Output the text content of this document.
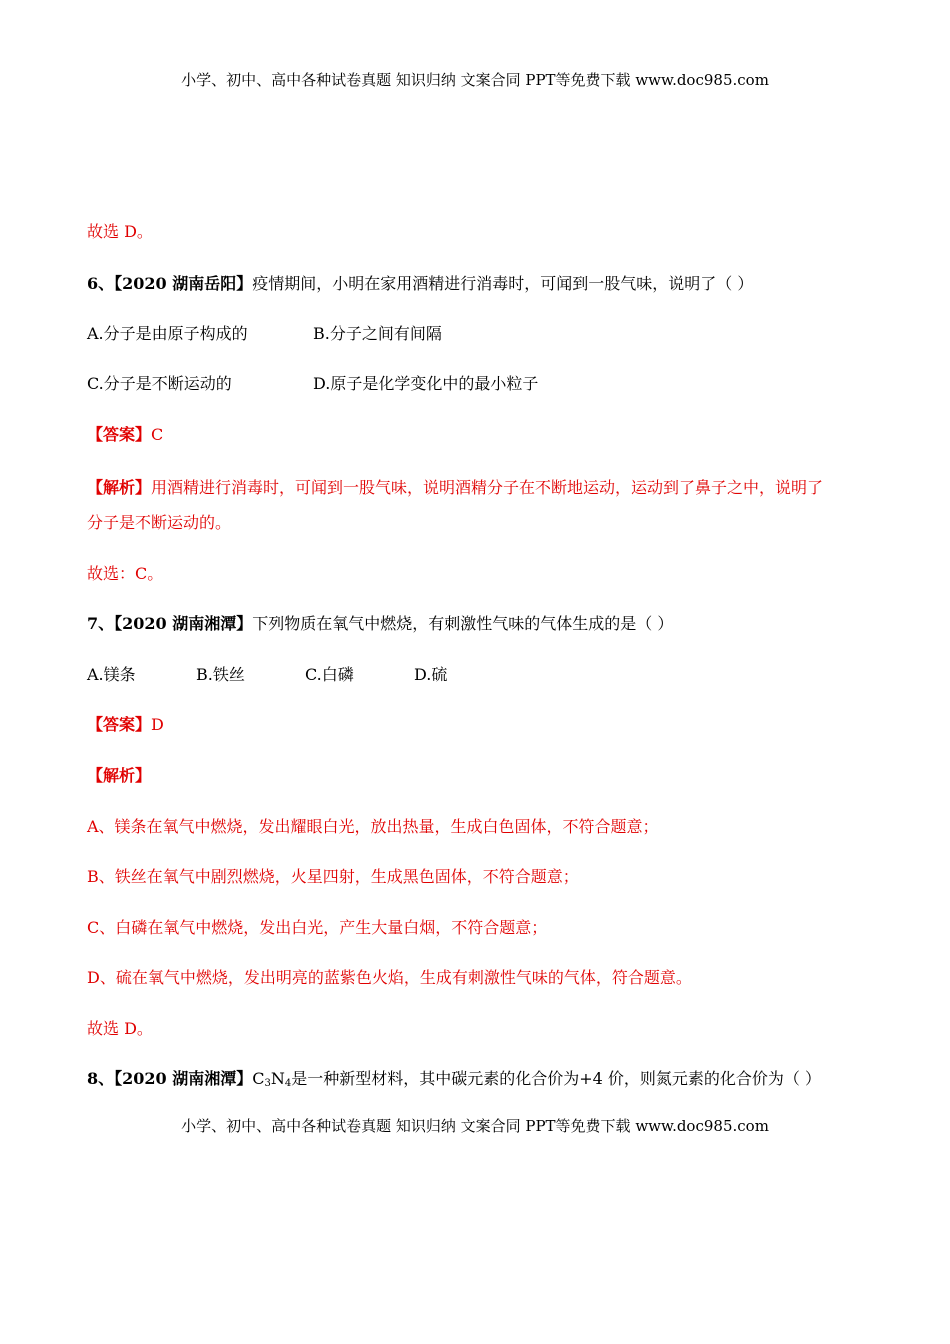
小学、初中、高中各种试卷真题 知识归纳 文案合同 PPT等免费下载 www.doc985.com
故选 D。
6、【2020 湖南岳阳】疫情期间，小明在家用酒精进行消毒时，可闻到一股气味，说明了（ ）
A.分子是由原子构成的	B.分子之间有间隔
C.分子是不断运动的	D.原子是化学变化中的最小粒子
【答案】C
【解析】用酒精进行消毒时，可闻到一股气味，说明酒精分子在不断地运动，运动到了鼻子之中，说明了
分子是不断运动的。
故选：C。
7、【2020 湖南湘潭】下列物质在氧气中燃烧，有刺激性气味的气体生成的是（ ）
A.镁条	B.铁丝	C.白磷	D.硫
【答案】D
【解析】
A、镁条在氧气中燃烧，发出耀眼白光，放出热量，生成白色固体，不符合题意；
B、铁丝在氧气中剧烈燃烧，火星四射，生成黑色固体，不符合题意；
C、白磷在氧气中燃烧，发出白光，产生大量白烟，不符合题意；
D、硫在氧气中燃烧，发出明亮的蓝紫色火焰，生成有刺激性气味的气体，符合题意。
故选 D。
8、【2020 湖南湘潭】$C_3N_4$是一种新型材料，其中碳元素的化合价为+4 价，则氮元素的化合价为（ ）
小学、初中、高中各种试卷真题 知识归纳 文案合同 PPT等免费下载 www.doc985.com
